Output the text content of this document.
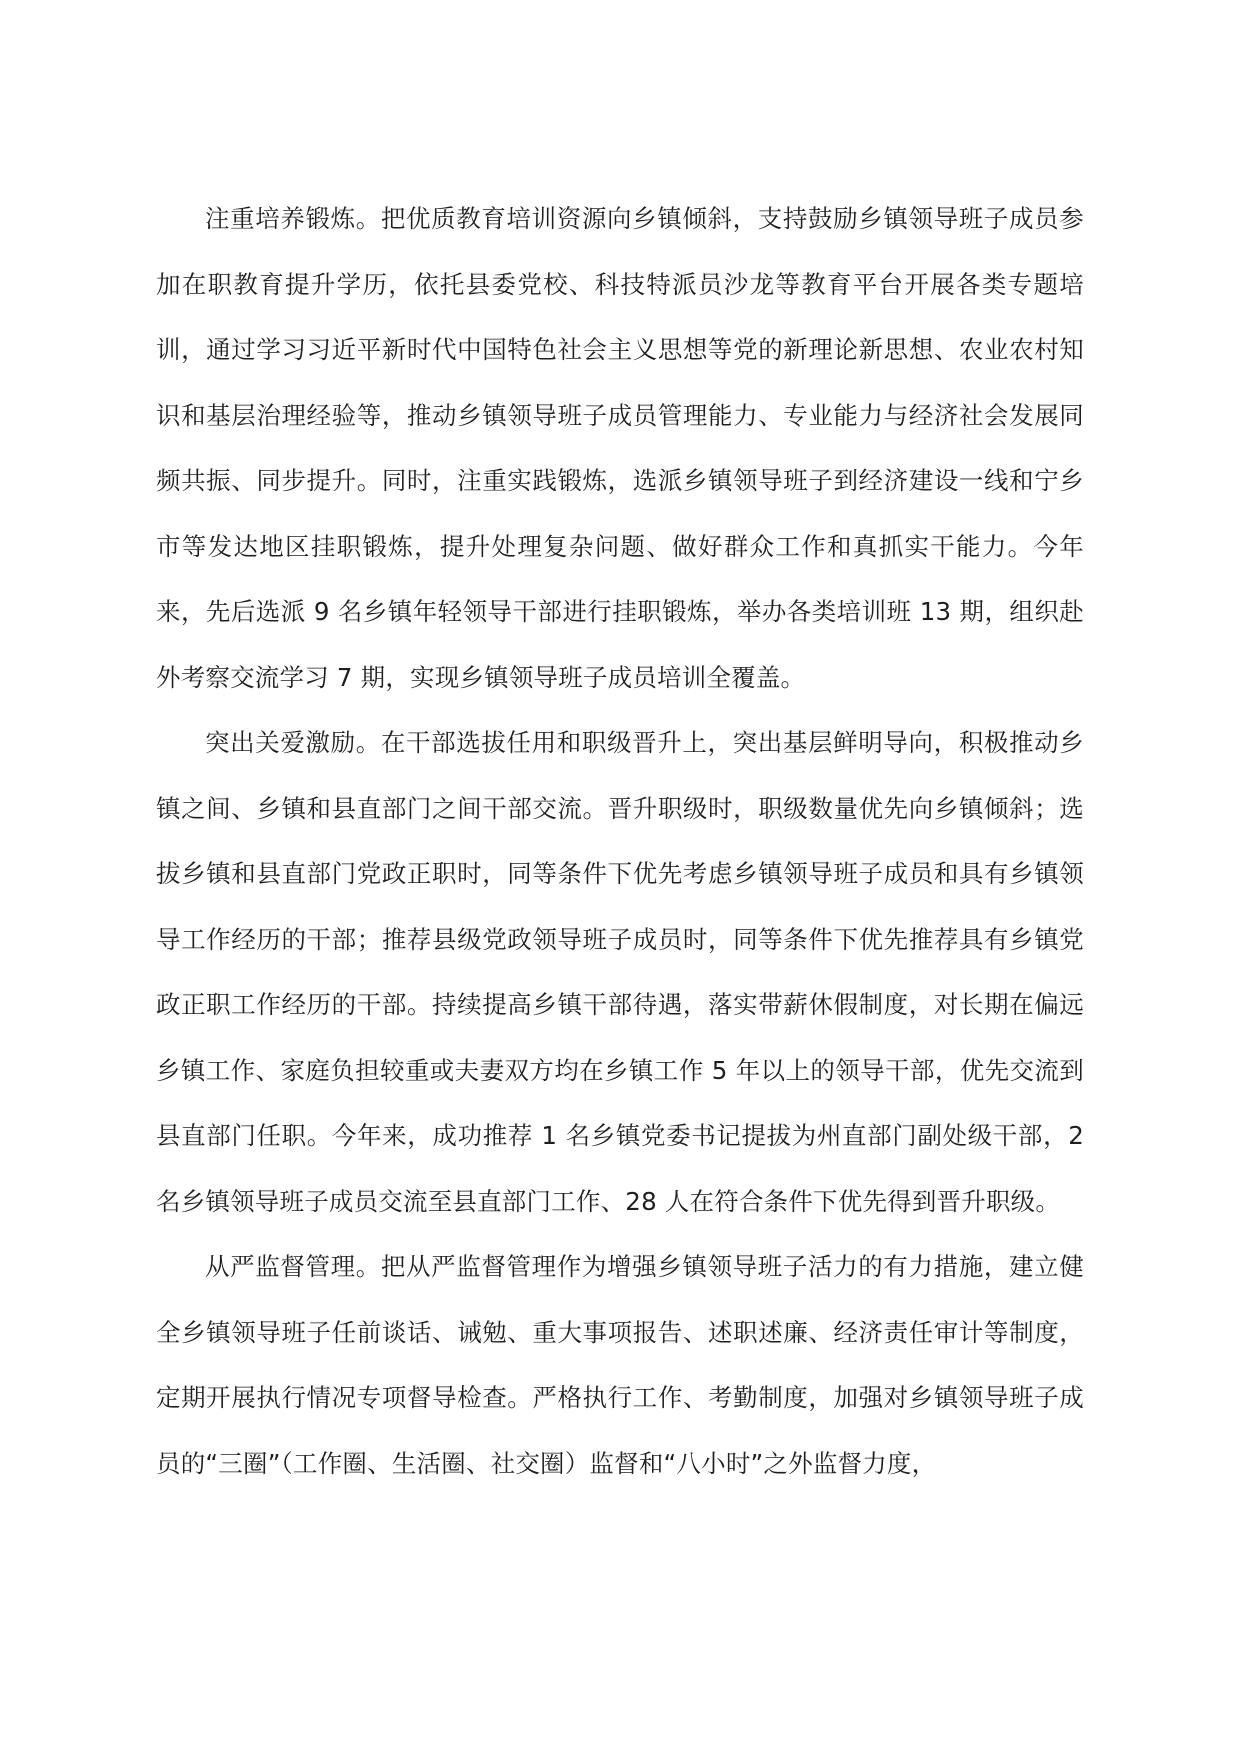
注重培养锻炼。把优质教育培训资源向乡镇倾斜，支持鼓励乡镇领导班子成员参加在职教育提升学历，依托县委党校、科技特派员沙龙等教育平台开展各类专题培训，通过学习习近平新时代中国特色社会主义思想等党的新理论新思想、农业农村知识和基层治理经验等，推动乡镇领导班子成员管理能力、专业能力与经济社会发展同频共振、同步提升。同时，注重实践锻炼，选派乡镇领导班子到经济建设一线和宁乡市等发达地区挂职锻炼，提升处理复杂问题、做好群众工作和真抓实干能力。今年来，先后选派 9 名乡镇年轻领导干部进行挂职锻炼，举办各类培训班 13 期，组织赴外考察交流学习 7 期，实现乡镇领导班子成员培训全覆盖。

突出关爱激励。在干部选拔任用和职级晋升上，突出基层鲜明导向，积极推动乡镇之间、乡镇和县直部门之间干部交流。晋升职级时，职级数量优先向乡镇倾斜；选拔乡镇和县直部门党政正职时，同等条件下优先考虑乡镇领导班子成员和具有乡镇领导工作经历的干部；推荐县级党政领导班子成员时，同等条件下优先推荐具有乡镇党政正职工作经历的干部。持续提高乡镇干部待遇，落实带薪休假制度，对长期在偏远乡镇工作、家庭负担较重或夫妻双方均在乡镇工作 5 年以上的领导干部，优先交流到县直部门任职。今年来，成功推荐 1 名乡镇党委书记提拔为州直部门副处级干部，2 名乡镇领导班子成员交流至县直部门工作、28 人在符合条件下优先得到晋升职级。

从严监督管理。把从严监督管理作为增强乡镇领导班子活力的有力措施，建立健全乡镇领导班子任前谈话、诫勉、重大事项报告、述职述廉、经济责任审计等制度，定期开展执行情况专项督导检查。严格执行工作、考勤制度，加强对乡镇领导班子成员的“三圈”（工作圈、生活圈、社交圈）监督和“八小时”之外监督力度，
